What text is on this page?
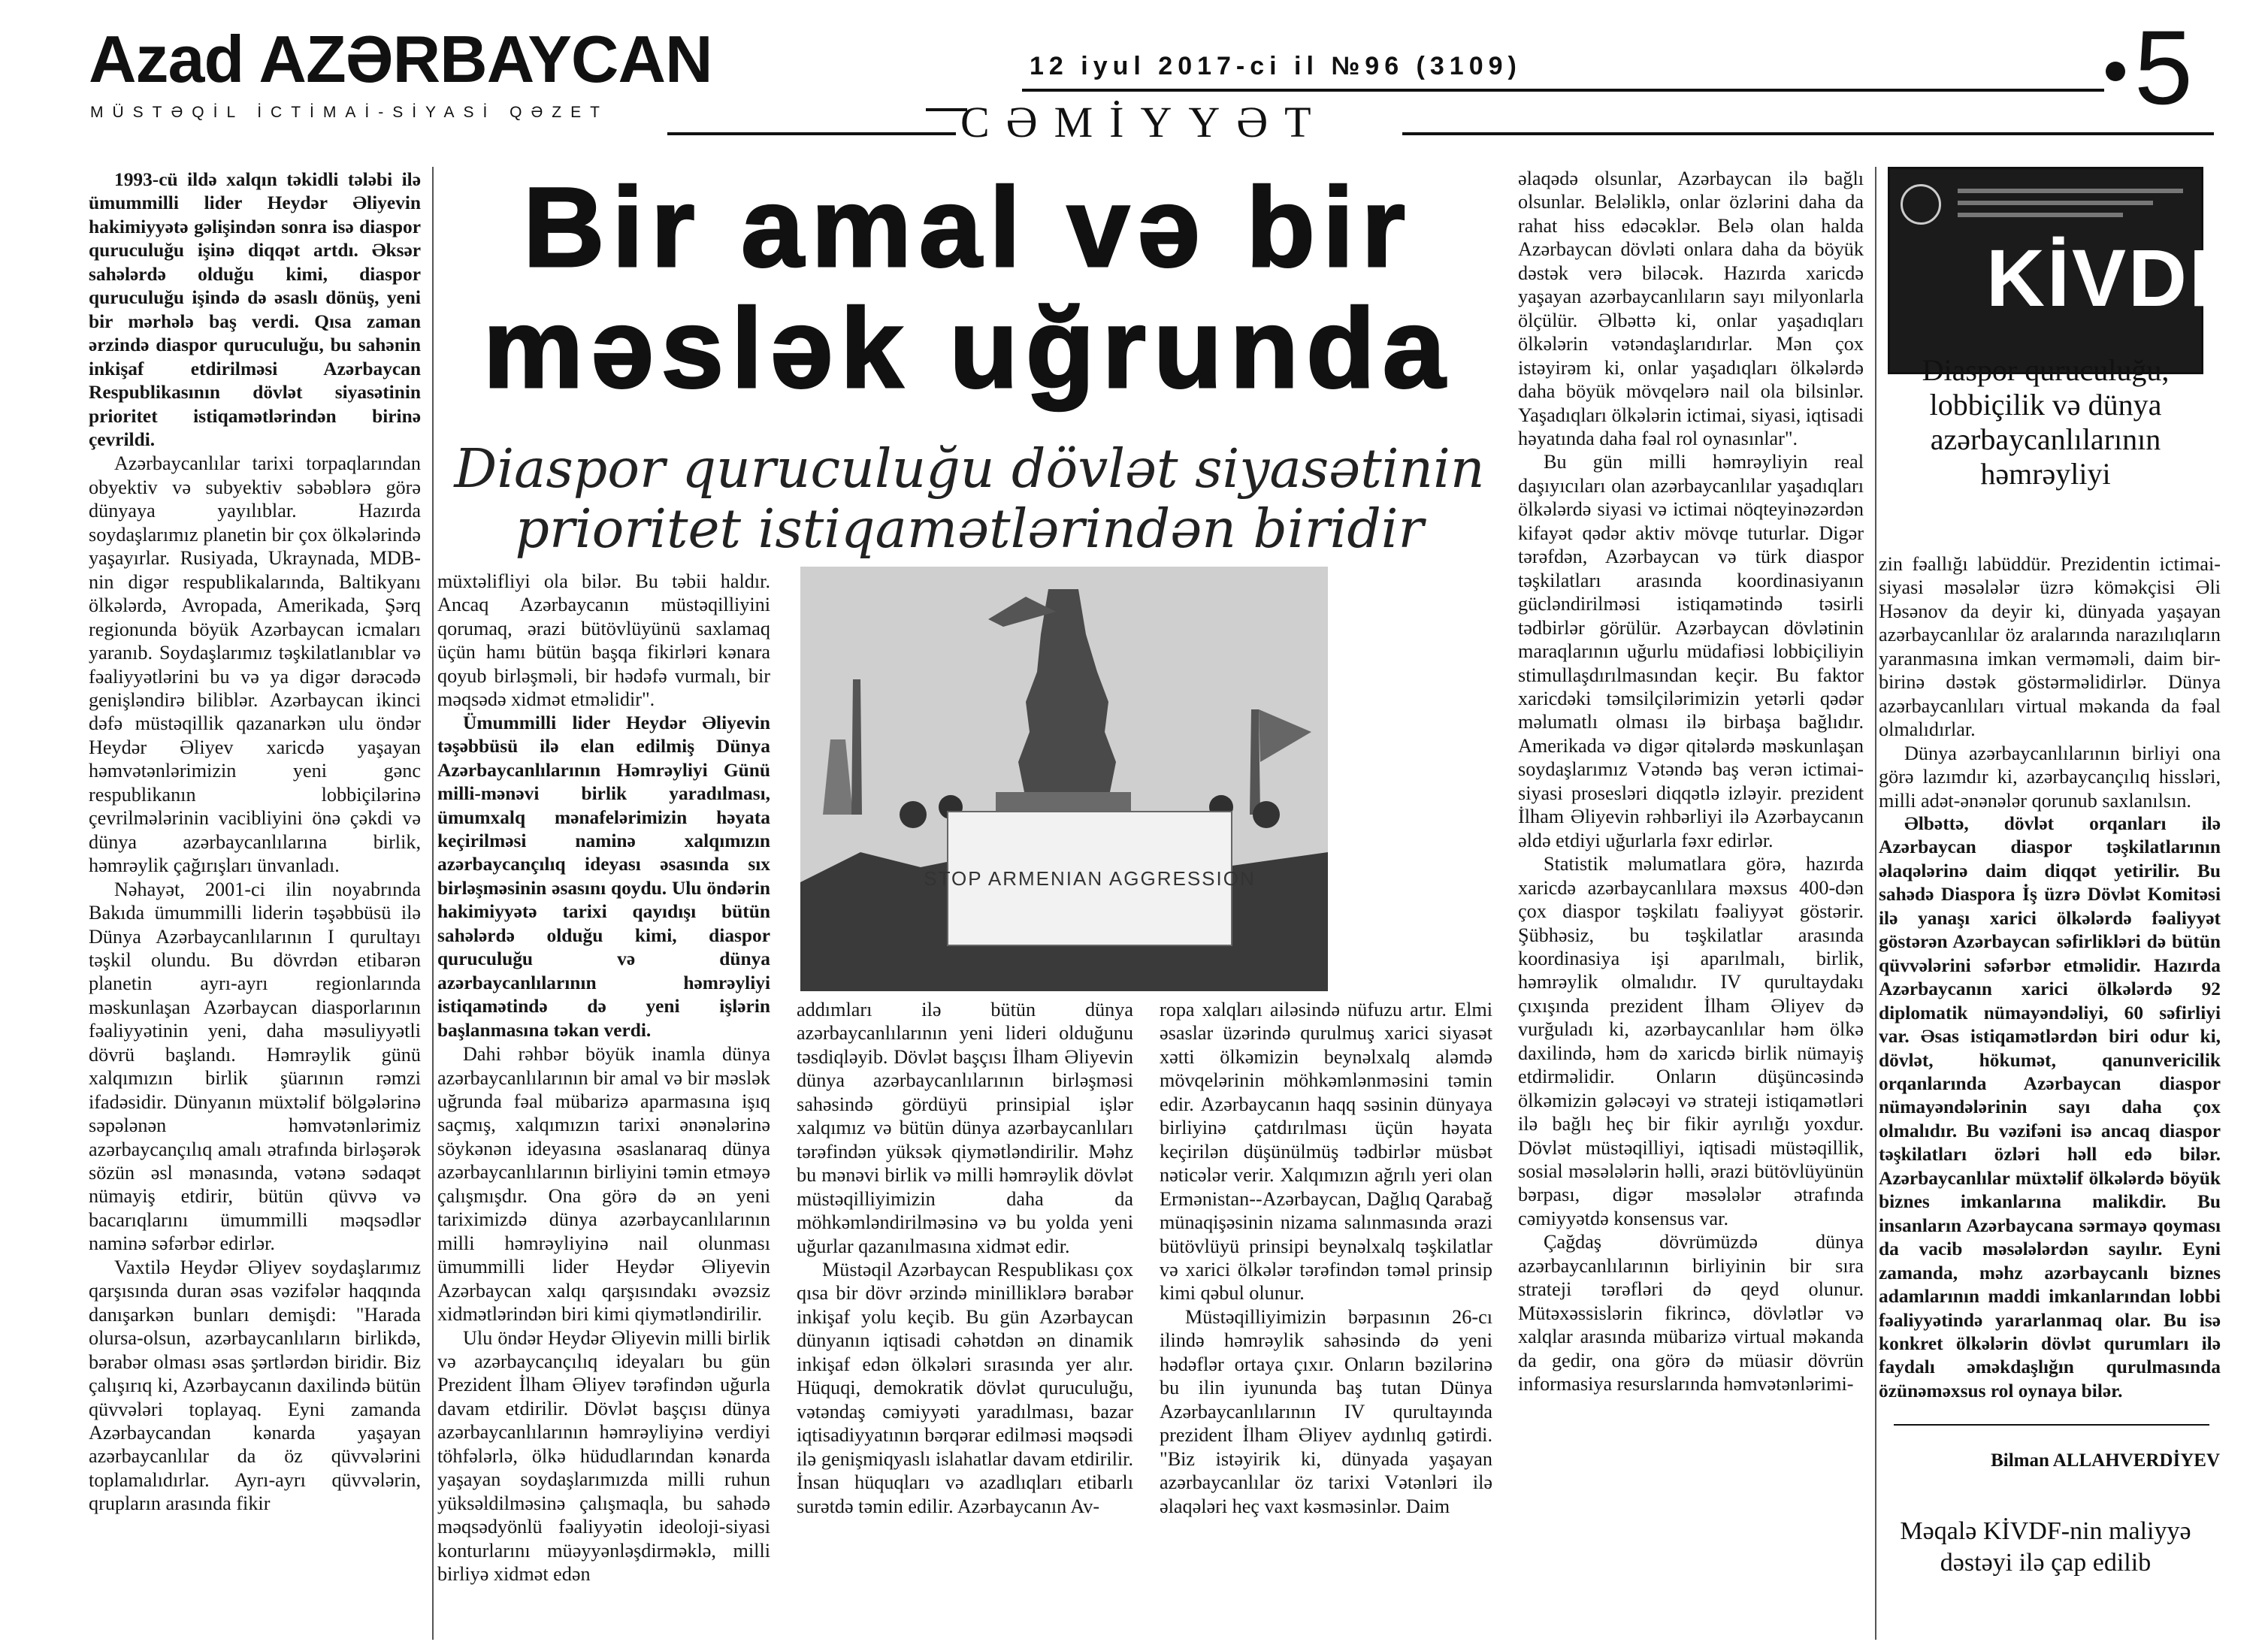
Azad AZƏRBAYCAN
MÜSTƏQİL İCTİMAİ-SİYASİ QƏZET
12 iyul 2017-ci il №96 (3109)
CƏMİYYƏT	5
Bir amal və bir
məslək uğrunda
Diaspor quruculuğu dövlət siyasətinin
prioritet istiqamətlərindən biridir

1993-cü ildə xalqın təkidli tələbi ilə ümummilli lider Heydər Əliyevin hakimiyyətə gəlişindən sonra isə diaspor quruculuğu işinə diqqət artdı. Əksər sahələrdə olduğu kimi, diaspor quruculuğu işində də əsaslı dönüş, yeni bir mərhələ baş verdi. Qısa zaman ərzində diaspor quruculuğu, bu sahənin inkişaf etdirilməsi Azərbaycan Respublikasının dövlət siyasətinin prioritet istiqamətlərindən birinə çevrildi.

Azərbaycanlılar tarixi torpaqlarından obyektiv və subyektiv səbəblərə görə dünyaya yayılıblar. Hazırda soydaşlarımız planetin bir çox ölkələrində yaşayırlar. Rusiyada, Ukraynada, MDB-nin digər respublikalarında, Baltikyanı ölkələrdə, Avropada, Amerikada, Şərq regionunda böyük Azərbaycan icmaları yaranıb. Soydaşlarımız təşkilatlanıblar və fəaliyyətlərini bu və ya digər dərəcədə genişləndirə biliblər. Azərbaycan ikinci dəfə müstəqillik qazanarkən ulu öndər Heydər Əliyev xaricdə yaşayan həmvətənlərimizin yeni gənc respublikanın lobbiçilərinə çevrilmələrinin vacibliyini önə çəkdi və dünya azərbaycanlılarına birlik, həmrəylik çağırışları ünvanladı.

Nəhayət, 2001-ci ilin noyabrında Bakıda ümummilli liderin təşəbbüsü ilə Dünya Azərbaycanlılarının I qurultayı təşkil olundu. Bu dövrdən etibarən planetin ayrı-ayrı regionlarında məskunlaşan Azərbaycan diasporlarının fəaliyyətinin yeni, daha məsuliyyətli dövrü başlandı. Həmrəylik günü xalqımızın birlik şüarının rəmzi ifadəsidir. Dünyanın müxtəlif bölgələrinə səpələnən həmvətənlərimiz azərbaycançılıq amalı ətrafında birləşərək sözün əsl mənasında, vətənə sədaqət nümayiş etdirir, bütün qüvvə və bacarıqlarını ümummilli məqsədlər naminə səfərbər edirlər.

Vaxtilə Heydər Əliyev soydaşlarımız qarşısında duran əsas vəzifələr haqqında danışarkən bunları demişdi: "Harada olursa-olsun, azərbaycanlıların birlikdə, bərabər olması əsas şərtlərdən biridir. Biz çalışırıq ki, Azərbaycanın daxilində bütün qüvvələri toplayaq. Eyni zamanda Azərbaycandan kənarda yaşayan azərbaycanlılar da öz qüvvələrini toplamalıdırlar. Ayrı-ayrı qüvvələrin, qrupların arasında fikir

müxtəlifliyi ola bilər. Bu təbii haldır. Ancaq Azərbaycanın müstəqilliyini qorumaq, ərazi bütövlüyünü saxlamaq üçün hamı bütün başqa fikirləri kənara qoyub birləşməli, bir hədəfə vurmalı, bir məqsədə xidmət etməlidir".

Ümummilli lider Heydər Əliyevin təşəbbüsü ilə elan edilmiş Dünya Azərbaycanlılarının Həmrəyliyi Günü milli-mənəvi birlik yaradılması, ümumxalq mənafelərimizin həyata keçirilməsi naminə xalqımızın azərbaycançılıq ideyası əsasında sıx birləşməsinin əsasını qoydu. Ulu öndərin hakimiyyətə tarixi qayıdışı bütün sahələrdə olduğu kimi, diaspor quruculuğu və dünya azərbaycanlılarının həmrəyliyi istiqamətində də yeni işlərin başlanmasına təkan verdi.

Dahi rəhbər böyük inamla dünya azərbaycanlılarının bir amal və bir məslək uğrunda fəal mübarizə aparmasına işıq saçmış, xalqımızın tarixi ənənələrinə söykənən ideyasına əsaslanaraq dünya azərbaycanlılarının birliyini təmin etməyə çalışmışdır. Ona görə də ən yeni tariximizdə dünya azərbaycanlılarının milli həmrəyliyinə nail olunması ümummilli lider Heydər Əliyevin Azərbaycan xalqı qarşısındakı əvəzsiz xidmətlərindən biri kimi qiymətləndirilir.

Ulu öndər Heydər Əliyevin milli birlik və azərbaycançılıq ideyaları bu gün Prezident İlham Əliyev tərəfindən uğurla davam etdirilir. Dövlət başçısı dünya azərbaycanlılarının həmrəyliyinə verdiyi töhfələrlə, ölkə hüdudlarından kənarda yaşayan soydaşlarımızda milli ruhun yüksəldilməsinə çalışmaqla, bu sahədə məqsədyönlü fəaliyyətin ideoloji-siyasi konturlarını müəyyənləşdirməklə, milli birliyə xidmət edən

addımları ilə bütün dünya azərbaycanlılarının yeni lideri olduğunu təsdiqləyib. Dövlət başçısı İlham Əliyevin dünya azərbaycanlılarının birləşməsi sahəsində gördüyü prinsipial işlər xalqımız və bütün dünya azərbaycanlıları tərəfindən yüksək qiymətləndirilir. Məhz bu mənəvi birlik və milli həmrəylik dövlət müstəqilliyimizin daha da möhkəmləndirilməsinə və bu yolda yeni uğurlar qazanılmasına xidmət edir.

Müstəqil Azərbaycan Respublikası çox qısa bir dövr ərzində minilliklərə bərabər inkişaf yolu keçib. Bu gün Azərbaycan dünyanın iqtisadi cəhətdən ən dinamik inkişaf edən ölkələri sırasında yer alır. Hüquqi, demokratik dövlət quruculuğu, vətəndaş cəmiyyəti yaradılması, bazar iqtisadiyyatının bərqərar edilməsi məqsədi ilə genişmiqyaslı islahatlar davam etdirilir. İnsan hüquqları və azadlıqları etibarlı surətdə təmin edilir. Azərbaycanın Av-

ropa xalqları ailəsində nüfuzu artır. Elmi əsaslar üzərində qurulmuş xarici siyasət xətti ölkəmizin beynəlxalq aləmdə mövqelərinin möhkəmlənməsini təmin edir. Azərbaycanın haqq səsinin dünyaya birliyinə çatdırılması üçün həyata keçirilən düşünülmüş tədbirlər müsbət nəticələr verir. Xalqımızın ağrılı yeri olan Ermənistan--Azərbaycan, Dağlıq Qarabağ münaqişəsinin nizama salınmasında ərazi bütövlüyü prinsipi beynəlxalq təşkilatlar və xarici ölkələr tərəfindən təməl prinsip kimi qəbul olunur.

Müstəqilliyimizin bərpasının 26-cı ilində həmrəylik sahəsində də yeni hədəflər ortaya çıxır. Onların bəzilərinə bu ilin iyununda baş tutan Dünya Azərbaycanlılarının IV qurultayında prezident İlham Əliyev aydınlıq gətirdi. "Biz istəyirik ki, dünyada yaşayan azərbaycanlılar öz tarixi Vətənləri ilə əlaqələri heç vaxt kəsməsinlər. Daim

əlaqədə olsunlar, Azərbaycan ilə bağlı olsunlar. Beləliklə, onlar özlərini daha da rahat hiss edəcəklər. Belə olan halda Azərbaycan dövləti onlara daha da böyük dəstək verə biləcək. Hazırda xaricdə yaşayan azərbaycanlıların sayı milyonlarla ölçülür. Əlbəttə ki, onlar yaşadıqları ölkələrin vətəndaşlarıdırlar. Mən çox istəyirəm ki, onlar yaşadıqları ölkələrdə daha böyük mövqelərə nail ola bilsinlər. Yaşadıqları ölkələrin ictimai, siyasi, iqtisadi həyatında daha fəal rol oynasınlar".

Bu gün milli həmrəyliyin real daşıyıcıları olan azərbaycanlılar yaşadıqları ölkələrdə siyasi və ictimai nöqteyinəzərdən kifayət qədər aktiv mövqe tuturlar. Digər tərəfdən, Azərbaycan və türk diaspor təşkilatları arasında koordinasiyanın gücləndirilməsi istiqamətində təsirli tədbirlər görülür. Azərbaycan dövlətinin maraqlarının uğurlu müdafiəsi lobbiçiliyin stimullaşdırılmasından keçir. Bu faktor xaricdəki təmsilçilərimizin yetərli qədər məlumatlı olması ilə birbaşa bağlıdır. Amerikada və digər qitələrdə məskunlaşan soydaşlarımız Vətəndə baş verən ictimai-siyasi prosesləri diqqətlə izləyir. prezident İlham Əliyevin rəhbərliyi ilə Azərbaycanın əldə etdiyi uğurlarla fəxr edirlər.

Statistik məlumatlara görə, hazırda xaricdə azərbaycanlılara məxsus 400-dən çox diaspor təşkilatı fəaliyyət göstərir. Şübhəsiz, bu təşkilatlar arasında koordinasiya işi aparılmalı, birlik, həmrəylik olmalıdır. IV qurultaydakı çıxışında prezident İlham Əliyev də vurğuladı ki, azərbaycanlılar həm ölkə daxilində, həm də xaricdə birlik nümayiş etdirməlidir. Onların düşüncəsində ölkəmizin gələcəyi və strateji istiqamətləri ilə bağlı heç bir fikir ayrılığı yoxdur. Dövlət müstəqilliyi, iqtisadi müstəqillik, sosial məsələlərin həlli, ərazi bütövlüyünün bərpası, digər məsələlər ətrafında cəmiyyətdə konsensus var.

Çağdaş dövrümüzdə dünya azərbaycanlılarının birliyinin bir sıra strateji tərəfləri də qeyd olunur. Mütəxəssislərin fikrincə, dövlətlər və xalqlar arasında mübarizə virtual məkanda da gedir, ona görə də müasir dövrün informasiya resurslarında həmvətənlərimi-

zin fəallığı labüddür. Prezidentin ictimai-siyasi məsələlər üzrə köməkçisi Əli Həsənov da deyir ki, dünyada yaşayan azərbaycanlılar öz aralarında narazılıqların yaranmasına imkan verməməli, daim bir-birinə dəstək göstərməlidirlər. Dünya azərbaycanlıları virtual məkanda da fəal olmalıdırlar.

Dünya azərbaycanlılarının birliyi ona görə lazımdır ki, azərbaycançılıq hissləri, milli adət-ənənələr qorunub saxlanılsın.

Əlbəttə, dövlət orqanları ilə Azərbaycan diaspor təşkilatlarının əlaqələrinə daim diqqət yetirilir. Bu sahədə Diaspora İş üzrə Dövlət Komitəsi ilə yanaşı xarici ölkələrdə fəaliyyət göstərən Azərbaycan səfirlikləri də bütün qüvvələrini səfərbər etməlidir. Hazırda Azərbaycanın xarici ölkələrdə 92 diplomatik nümayəndəliyi, 60 səfirliyi var. Əsas istiqamətlərdən biri odur ki, dövlət, hökumət, qanunvericilik orqanlarında Azərbaycan diaspor nümayəndələrinin sayı daha çox olmalıdır. Bu vəzifəni isə ancaq diaspor təşkilatları özləri həll edə bilər. Azərbaycanlılar müxtəlif ölkələrdə böyük biznes imkanlarına malikdir. Bu insanların Azərbaycana sərmayə qoyması da vacib məsələlərdən sayılır. Eyni zamanda, məhz azərbaycanlı biznes adamlarının maddi imkanlarından lobbi fəaliyyətində yararlanmaq olar. Bu isə konkret ölkələrin dövlət qurumları ilə faydalı əməkdaşlığın qurulmasında özünəməxsus rol oynaya bilər.

STOP ARMENIAN AGGRESSION
KİVDF
Diaspor quruculuğu,
lobbiçilik və dünya
azərbaycanlılarının
həmrəyliyi
Bilman ALLAHVERDİYEV
Məqalə KİVDF-nin maliyyə
dəstəyi ilə çap edilib
